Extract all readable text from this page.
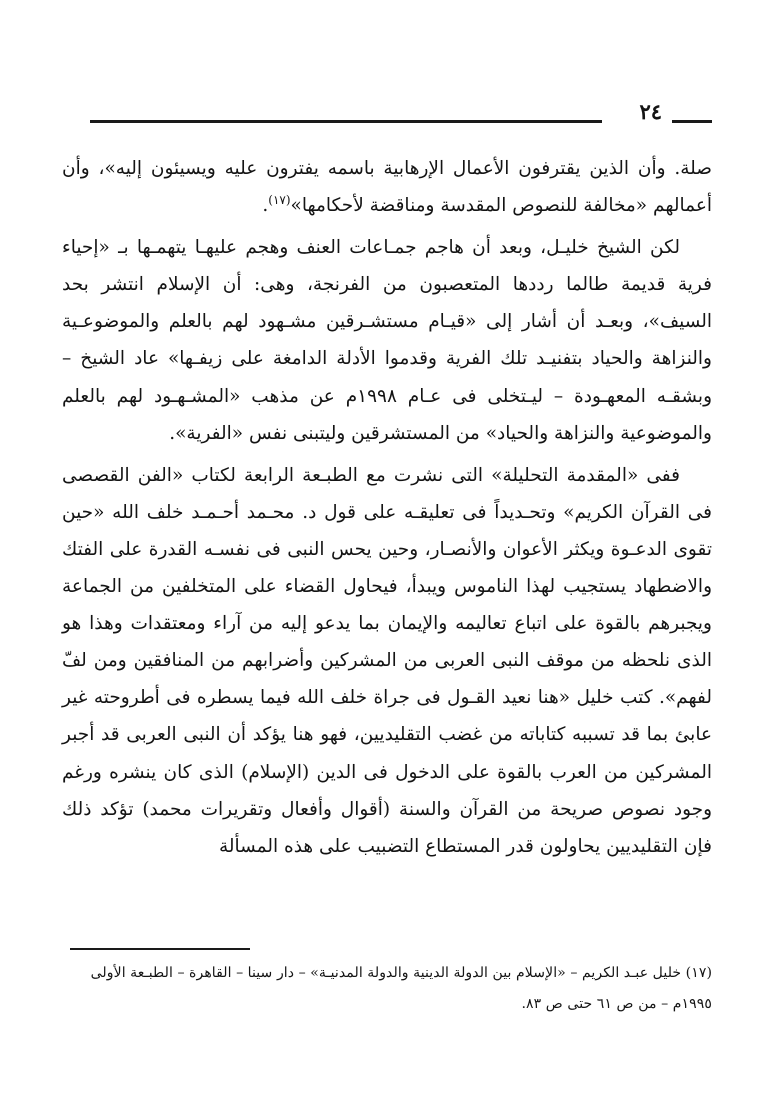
٢٤

صلة. وأن الذين يقترفون الأعمال الإرهابية باسمه يفترون عليه ويسيئون إليه»، وأن أعمالهم «مخالفة للنصوص المقدسة ومناقضة لأحكامها»$^{(١٧)}$.

لكن الشيخ خليـل، وبعد أن هاجم جمـاعات العنف وهجم عليهـا يتهمـها بـ «إحياء فرية قديمة طالما رددها المتعصبون من الفرنجة، وهى: أن الإسلام انتشر بحد السيف»، وبعـد أن أشار إلى «قيـام مستشـرقين مشـهود لهم بالعلم والموضوعـية والنزاهة والحياد بتفنيـد تلك الفرية وقدموا الأدلة الدامغة على زيفـها» عاد الشيخ – وبشقـه المعهـودة – ليـتخلى فى عـام ١٩٩٨م عن مذهب «المشـهـود لهم بالعلم والموضوعية والنزاهة والحياد» من المستشرقين وليتبنى نفس «الفرية».

ففى «المقدمة التحليلة» التى نشرت مع الطبـعة الرابعة لكتاب «الفن القصصى فى القرآن الكريم» وتحـديداً فى تعليقـه على قول د. محـمد أحـمـد خلف الله «حين تقوى الدعـوة ويكثر الأعوان والأنصـار، وحين يحس النبى فى نفسـه القدرة على الفتك والاضطهاد يستجيب لهذا الناموس ويبدأ، فيحاول القضاء على المتخلفين من الجماعة ويجبرهم بالقوة على اتباع تعاليمه والإيمان بما يدعو إليه من آراء ومعتقدات وهذا هو الذى نلحظه من موقف النبى العربى من المشركين وأضرابهم من المنافقين ومن لفّ لفهم». كتب خليل «هنا نعيد القـول فى جراة خلف الله فيما يسطره فى أطروحته غير عابئ بما قد تسببه كتاباته من غضب التقليديين، فهو هنا يؤكد أن النبى العربى قد أجبر المشركين من العرب بالقوة على الدخول فى الدين (الإسلام) الذى كان ينشره ورغم وجود نصوص صريحة من القرآن والسنة (أقوال وأفعال وتقريرات محمد) تؤكد ذلك فإن التقليديين يحاولون قدر المستطاع التضبيب على هذه المسألة

(١٧) خليل عبـد الكريم – «الإسلام بين الدولة الدينية والدولة المدنيـة» – دار سينا – القاهرة – الطبـعة الأولى
١٩٩٥م – من ص ٦١ حتى ص ٨٣.
